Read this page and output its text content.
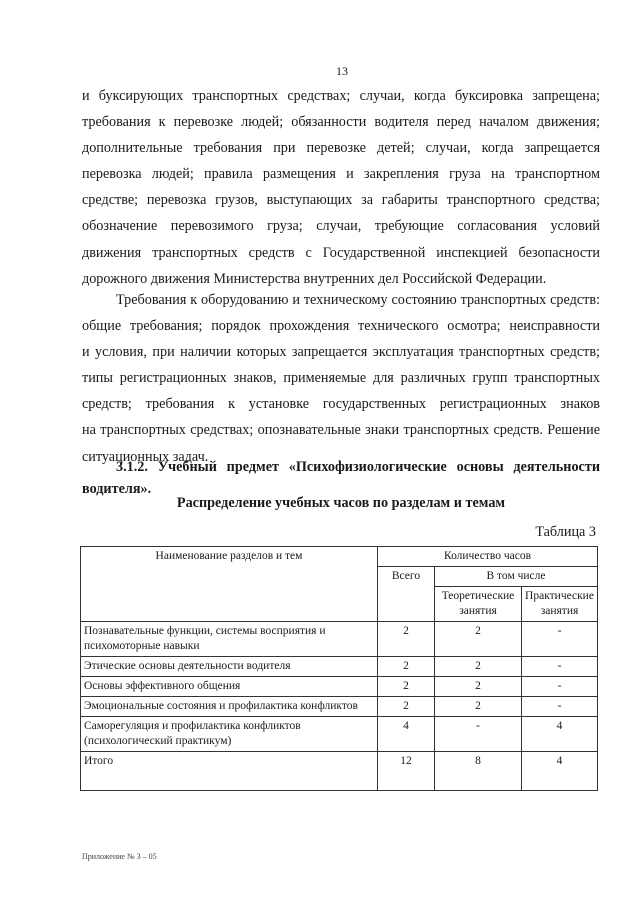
13
и буксирующих транспортных средствах; случаи, когда буксировка запрещена;
требования к перевозке людей; обязанности водителя перед началом движения;
дополнительные требования при перевозке детей; случаи, когда запрещается
перевозка людей; правила размещения и закрепления груза на транспортном
средстве; перевозка грузов, выступающих за габариты транспортного средства;
обозначение перевозимого груза; случаи, требующие согласования условий
движения транспортных средств с Государственной инспекцией безопасности
дорожного движения Министерства внутренних дел Российской Федерации.
Требования к оборудованию и техническому состоянию транспортных средств:
общие требования; порядок прохождения технического осмотра; неисправности
и условия, при наличии которых запрещается эксплуатация транспортных средств;
типы регистрационных знаков, применяемые для различных групп транспортных
средств; требования к установке государственных регистрационных знаков
на транспортных средствах; опознавательные знаки транспортных средств. Решение
ситуационных задач.
3.1.2. Учебный предмет «Психофизиологические основы деятельности
водителя».
Распределение учебных часов по разделам и темам
Таблица 3
Наименование разделов и тем	Количество часов		
	Всего	В том числе	
		Теоретические занятия	Практические занятия
Познавательные функции, системы восприятия и психомоторные навыки	2	2	-
Этические основы деятельности водителя	2	2	-
Основы эффективного общения	2	2	-
Эмоциональные состояния и профилактика конфликтов	2	2	-
Саморегуляция и профилактика конфликтов (психологический практикум)	4	-	4
Итого	12	8	4
Приложение № 3 – 05
